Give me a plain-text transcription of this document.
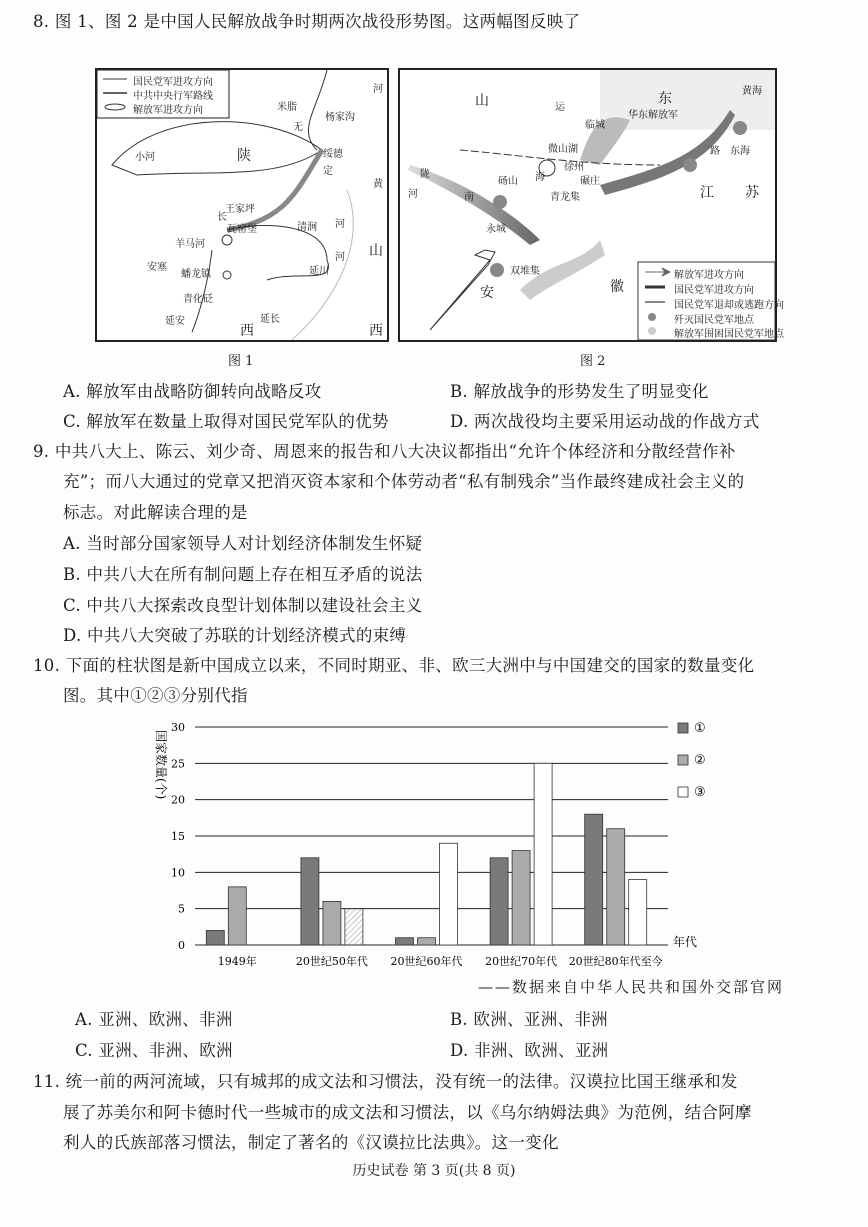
8. 图 1、图 2 是中国人民解放战争时期两次战役形势图。这两幅图反映了
国民党军进攻方向
中共中央行军路线
解放军进攻方向	米脂
杨家沟
绥德
小河	陕
王家坪
瓦窑堡	清涧
羊马河
蟠龙镇
安塞
青化砭
延川
延安	延长
西
山
西
黄
河
河
河
无
定
长
图 1
解放军进攻方向
国民党军进攻方向
国民党军退却或逃跑方向
歼灭国民党军地点
解放军围困国民党军地点
山	东
华东解放军
黄海
运
临城
微山湖
徐州
砀山
青龙集
河	南
永城
东海
江 苏
双堆集
安	徽
陇	海
路
碾庄
图 2
A. 解放军由战略防御转向战略反攻	B. 解放战争的形势发生了明显变化
C. 解放军在数量上取得对国民党军队的优势	D. 两次战役均主要采用运动战的作战方式
9. 中共八大上、陈云、刘少奇、周恩来的报告和八大决议都指出“允许个体经济和分散经营作补
充”；而八大通过的党章又把消灭资本家和个体劳动者“私有制残余”当作最终建成社会主义的
标志。对此解读合理的是
A. 当时部分国家领导人对计划经济体制发生怀疑
B. 中共八大在所有制问题上存在相互矛盾的说法
C. 中共八大探索改良型计划体制以建设社会主义
D. 中共八大突破了苏联的计划经济模式的束缚
10. 下面的柱状图是新中国成立以来，不同时期亚、非、欧三大洲中与中国建交的国家的数量变化
图。其中①②③分别代指
国家数量(个)
年代
0
5
10
15
20
25
30
1949年	20世纪50年代 20世纪60年代 20世纪70年代 20世纪80年代至今
①
②
③
——数据来自中华人民共和国外交部官网
A. 亚洲、欧洲、非洲	B. 欧洲、亚洲、非洲
C. 亚洲、非洲、欧洲	D. 非洲、欧洲、亚洲
11. 统一前的两河流域，只有城邦的成文法和习惯法，没有统一的法律。汉谟拉比国王继承和发
展了苏美尔和阿卡德时代一些城市的成文法和习惯法，以《乌尔纳姆法典》为范例，结合阿摩
利人的氏族部落习惯法，制定了著名的《汉谟拉比法典》。这一变化
历史试卷 第 3 页(共 8 页)
